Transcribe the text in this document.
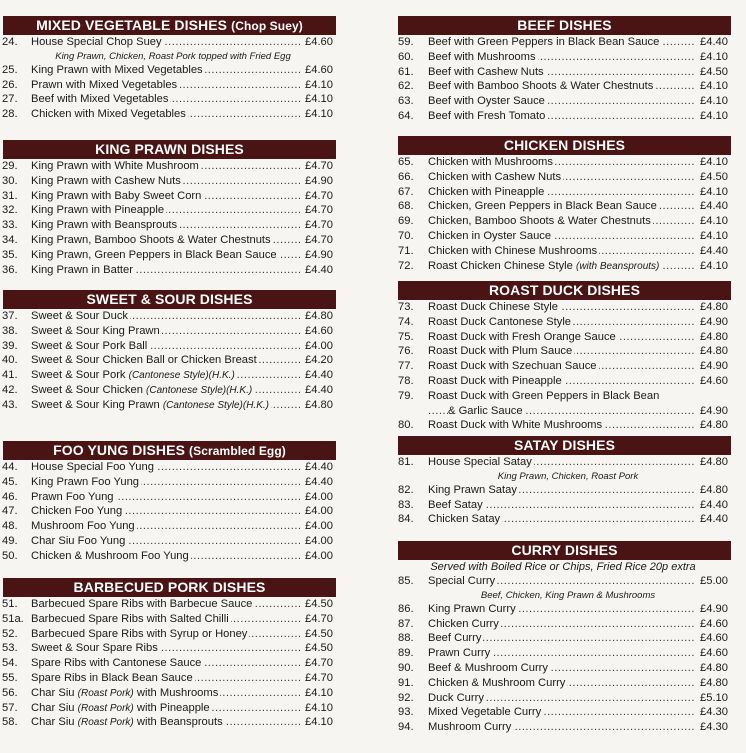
MIXED VEGETABLE DISHES (Chop Suey)
24.	House Special Chop Suey .....	£4.60
King Prawn, Chicken, Roast Pork topped with Fried Egg
25.	King Prawn with Mixed Vegetables .....	£4.60
26.	Prawn with Mixed Vegetables .....	£4.10
27.	Beef with Mixed Vegetables .....	£4.10
28.	Chicken with Mixed Vegetables .....	£4.10
KING PRAWN DISHES
29.	King Prawn with White Mushroom .....	£4.70
30.	King Prawn with Cashew Nuts .....	£4.90
31.	King Prawn with Baby Sweet Corn .....	£4.70
32.	King Prawn with Pineapple .....	£4.70
33.	King Prawn with Beansprouts .....	£4.70
34.	King Prawn, Bamboo Shoots & Water Chestnuts .....	£4.70
35.	King Prawn, Green Peppers in Black Bean Sauce .....	£4.90
36.	King Prawn in Batter .....	£4.40
SWEET & SOUR DISHES
37.	Sweet & Sour Duck .....	£4.80
38.	Sweet & Sour King Prawn .....	£4.60
39.	Sweet & Sour Pork Ball .....	£4.00
40.	Sweet & Sour Chicken Ball or Chicken Breast .....	£4.20
41.	Sweet & Sour Pork (Cantonese Style)(H.K.) .....	£4.40
42.	Sweet & Sour Chicken (Cantonese Style)(H.K.) .....	£4.40
43.	Sweet & Sour King Prawn (Cantonese Style)(H.K.) .....	£4.80
FOO YUNG DISHES (Scrambled Egg)
44.	House Special Foo Yung .....	£4.40
45.	King Prawn Foo Yung .....	£4.40
46.	Prawn Foo Yung .....	£4.00
47.	Chicken Foo Yung .....	£4.00
48.	Mushroom Foo Yung .....	£4.00
49.	Char Siu Foo Yung .....	£4.00
50.	Chicken & Mushroom Foo Yung .....	£4.00
BARBECUED PORK DISHES
51.	Barbecued Spare Ribs with Barbecue Sauce .....	£4.50
51a. Barbecued Spare Ribs with Salted Chilli .....	£4.70
52.	Barbecued Spare Ribs with Syrup or Honey .....	£4.50
53.	Sweet & Sour Spare Ribs .....	£4.50
54.	Spare Ribs with Cantonese Sauce .....	£4.70
55.	Spare Ribs in Black Bean Sauce .....	£4.70
56.	Char Siu (Roast Pork) with Mushrooms .....	£4.10
57.	Char Siu (Roast Pork) with Pineapple .....	£4.10
58.	Char Siu (Roast Pork) with Beansprouts .....	£4.10
BEEF DISHES
59.	Beef with Green Peppers in Black Bean Sauce .....	£4.40
60.	Beef with Mushrooms .....	£4.10
61.	Beef with Cashew Nuts .....	£4.50
62.	Beef with Bamboo Shoots & Water Chestnuts .....	£4.10
63.	Beef with Oyster Sauce .....	£4.10
64.	Beef with Fresh Tomato .....	£4.10
CHICKEN DISHES
65.	Chicken with Mushrooms .....	£4.10
66.	Chicken with Cashew Nuts .....	£4.50
67.	Chicken with Pineapple .....	£4.10
68.	Chicken, Green Peppers in Black Bean Sauce .....	£4.40
69.	Chicken, Bamboo Shoots & Water Chestnuts .....	£4.10
70.	Chicken in Oyster Sauce .....	£4.10
71.	Chicken with Chinese Mushrooms .....	£4.40
72.	Roast Chicken Chinese Style (with Beansprouts) .....	£4.10
ROAST DUCK DISHES
73.	Roast Duck Chinese Style .....	£4.80
74.	Roast Duck Cantonese Style .....	£4.90
75.	Roast Duck with Fresh Orange Sauce .....	£4.80
76.	Roast Duck with Plum Sauce .....	£4.80
77.	Roast Duck with Szechuan Sauce .....	£4.90
78.	Roast Duck with Pineapple .....	£4.60
79.	Roast Duck with Green Peppers in Black Bean
& Garlic Sauce .....	£4.90
80.	Roast Duck with White Mushrooms .....	£4.80
SATAY DISHES
81.	House Special Satay .....	£4.80
King Prawn, Chicken, Roast Pork
82.	King Prawn Satay .....	£4.80
83.	Beef Satay .....	£4.40
84.	Chicken Satay .....	£4.40
CURRY DISHES
Served with Boiled Rice or Chips, Fried Rice 20p extra
85.	Special Curry .....	£5.00
Beef, Chicken, King Prawn & Mushrooms
86.	King Prawn Curry .....	£4.90
87.	Chicken Curry .....	£4.60
88.	Beef Curry .....	£4.60
89.	Prawn Curry .....	£4.60
90.	Beef & Mushroom Curry .....	£4.80
91.	Chicken & Mushroom Curry .....	£4.80
92.	Duck Curry .....	£5.10
93.	Mixed Vegetable Curry .....	£4.30
94.	Mushroom Curry .....	£4.30
